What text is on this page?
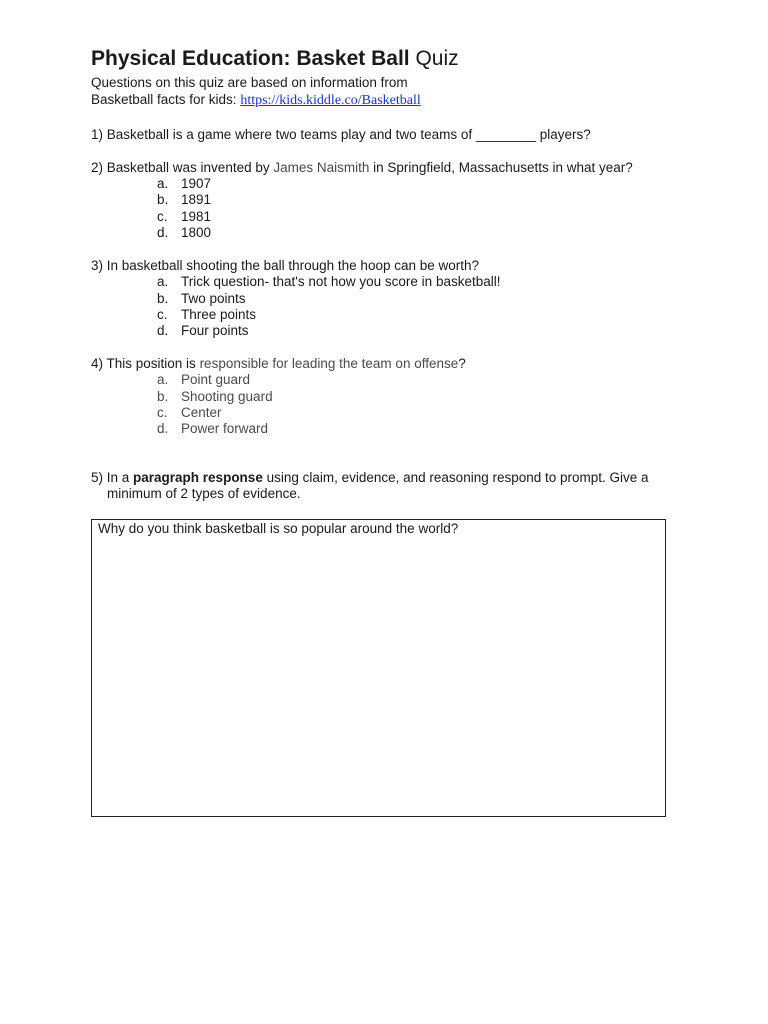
Physical Education: Basket Ball Quiz
Questions on this quiz are based on information from
Basketball facts for kids: https://kids.kiddle.co/Basketball
1) Basketball is a game where two teams play and two teams of ________ players?
2) Basketball was invented by James Naismith in Springfield, Massachusetts in what year?
a. 1907
b. 1891
c. 1981
d. 1800
3) In basketball shooting the ball through the hoop can be worth?
a. Trick question- that's not how you score in basketball!
b. Two points
c. Three points
d. Four points
4) This position is responsible for leading the team on offense?
a. Point guard
b. Shooting guard
c. Center
d. Power forward
5) In a paragraph response using claim, evidence, and reasoning respond to prompt. Give a
minimum of 2 types of evidence.
Why do you think basketball is so popular around the world?
